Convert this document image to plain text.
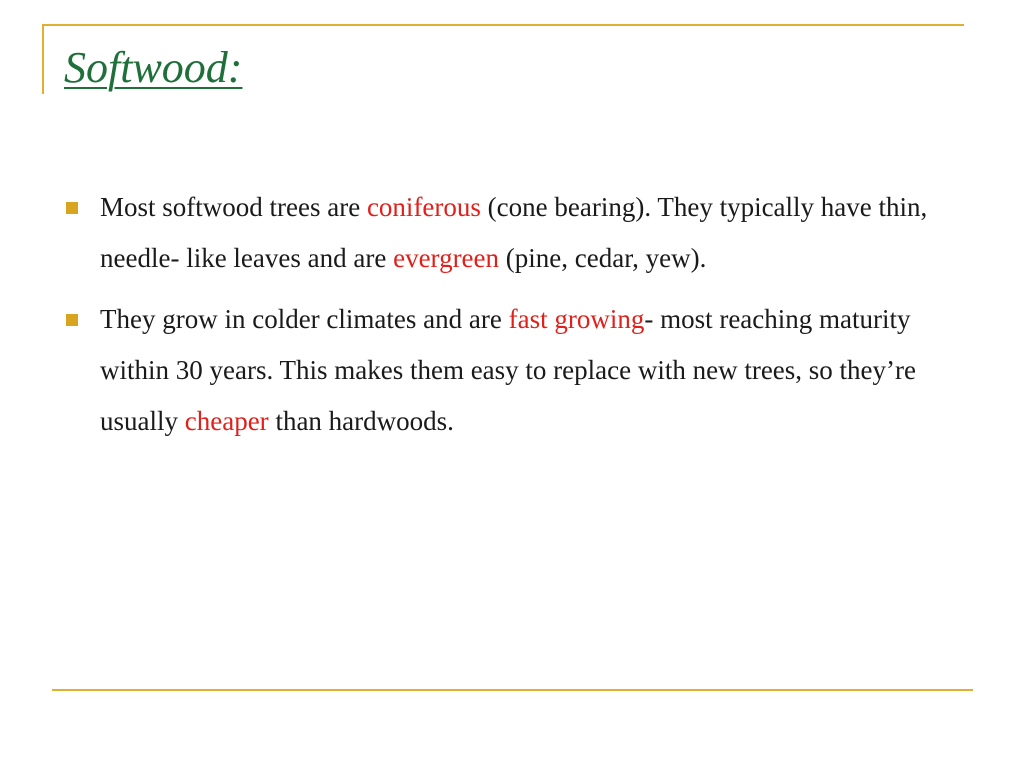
Softwood:
Most softwood trees are coniferous (cone bearing). They typically have thin, needle- like leaves and are evergreen (pine, cedar, yew).
They grow in colder climates and are fast growing- most reaching maturity within 30 years. This makes them easy to replace with new trees, so they’re usually cheaper than hardwoods.
